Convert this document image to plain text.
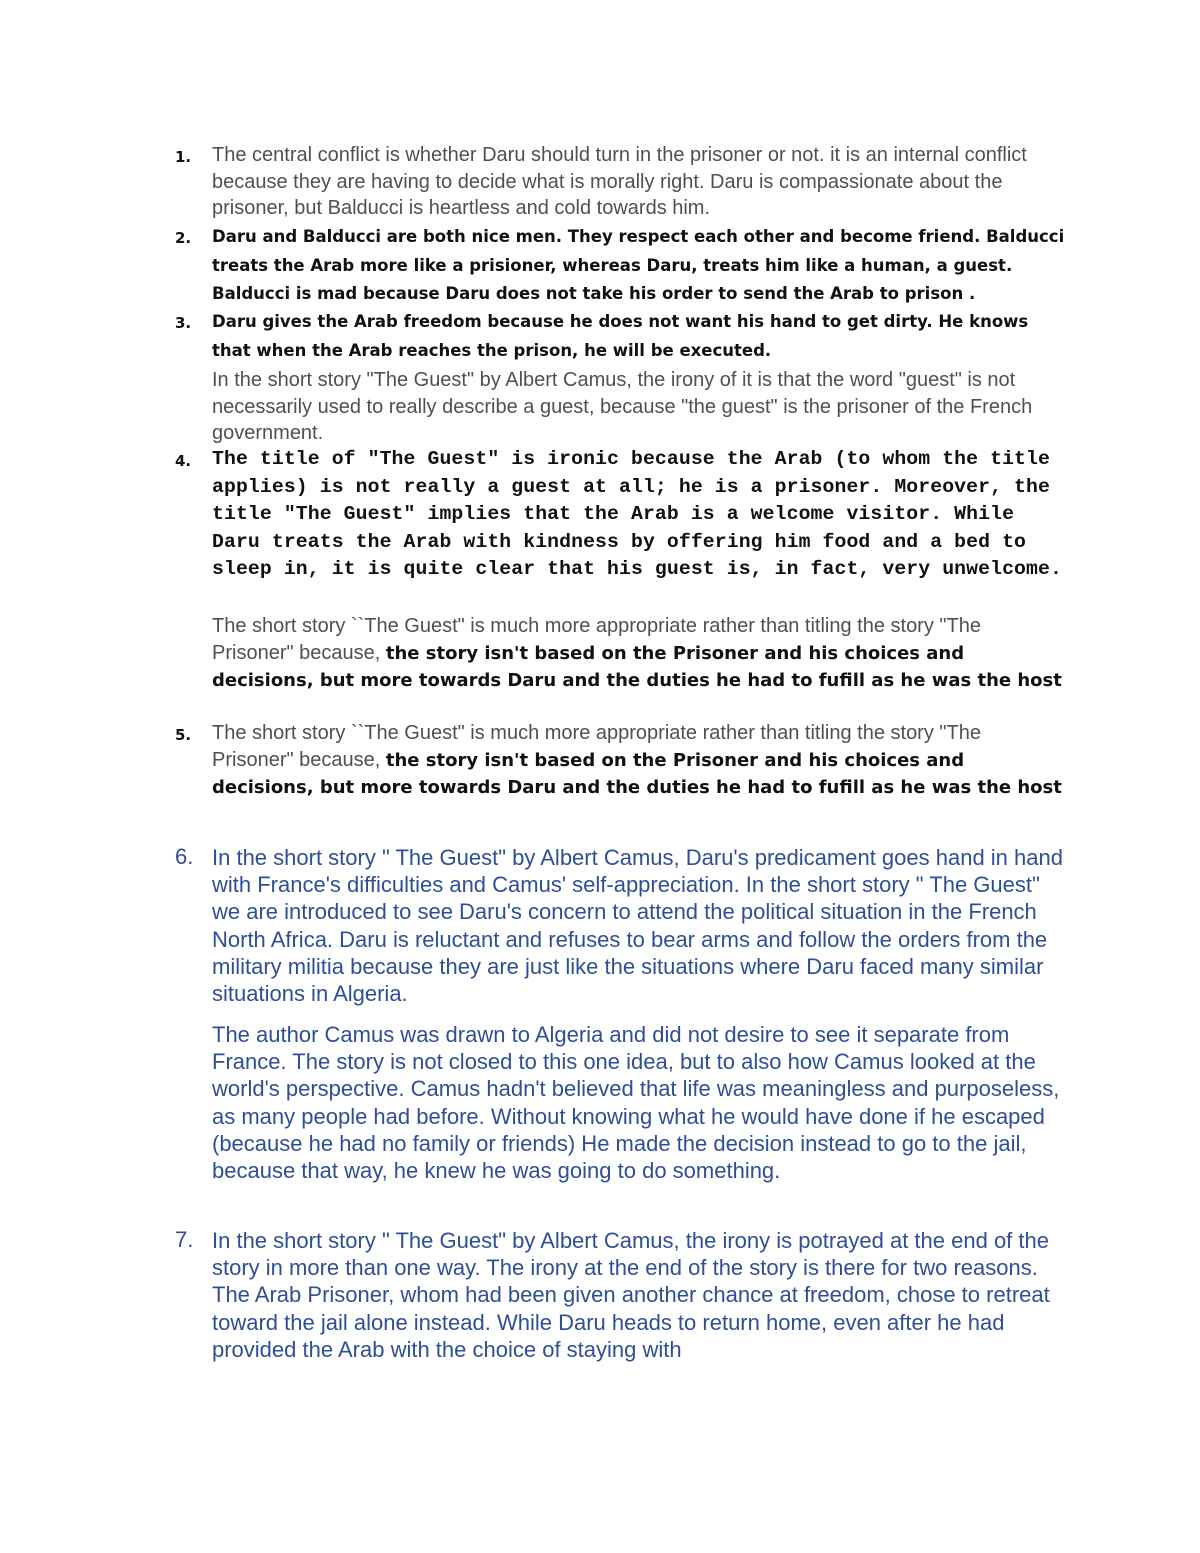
1.	The central conflict is whether Daru should turn in the prisoner or not. it is an internal conflict because they are having to decide what is morally right. Daru is compassionate about the prisoner, but Balducci is heartless and cold towards him.

2.	Daru and Balducci are both nice men. They respect each other and become friend. Balducci treats the Arab more like a prisioner, whereas Daru, treats him like a human, a guest. Balducci is mad because Daru does not take his order to send the Arab to prison .

3.	Daru gives the Arab freedom because he does not want his hand to get dirty. He knows that when the Arab reaches the prison, he will be executed.

In the short story "The Guest" by Albert Camus, the irony of it is that the word "guest" is not necessarily used to really describe a guest, because "the guest" is the prisoner of the French government.

4.	The title of "The Guest" is ironic because the Arab (to whom the title applies) is not really a guest at all; he is a prisoner. Moreover, the title "The Guest" implies that the Arab is a welcome visitor. While Daru treats the Arab with kindness by offering him food and a bed to sleep in, it is quite clear that his guest is, in fact, very unwelcome.

The short story ``The Guest" is much more appropriate rather than titling the story "The Prisoner" because, the story isn't based on the Prisoner and his choices and decisions, but more towards Daru and the duties he had to fufill as he was the host

5.	The short story ``The Guest" is much more appropriate rather than titling the story "The Prisoner" because, the story isn't based on the Prisoner and his choices and decisions, but more towards Daru and the duties he had to fufill as he was the host

6. In the short story " The Guest" by Albert Camus, Daru's predicament goes hand in hand with France's difficulties and Camus' self-appreciation. In the short story " The Guest" we are introduced to see Daru's concern to attend the political situation in the French North Africa. Daru is reluctant and refuses to bear arms and follow the orders from the military militia because they are just like the situations where Daru faced many similar situations in Algeria.

The author Camus was drawn to Algeria and did not desire to see it separate from France. The story is not closed to this one idea, but to also how Camus looked at the world's perspective. Camus hadn't believed that life was meaningless and purposeless, as many people had before. Without knowing what he would have done if he escaped (because he had no family or friends) He made the decision instead to go to the jail, because that way, he knew he was going to do something.

7. In the short story " The Guest" by Albert Camus, the irony is potrayed at the end of the story in more than one way. The irony at the end of the story is there for two reasons. The Arab Prisoner, whom had been given another chance at freedom, chose to retreat toward the jail alone instead. While Daru heads to return home, even after he had provided the Arab with the choice of staying with
